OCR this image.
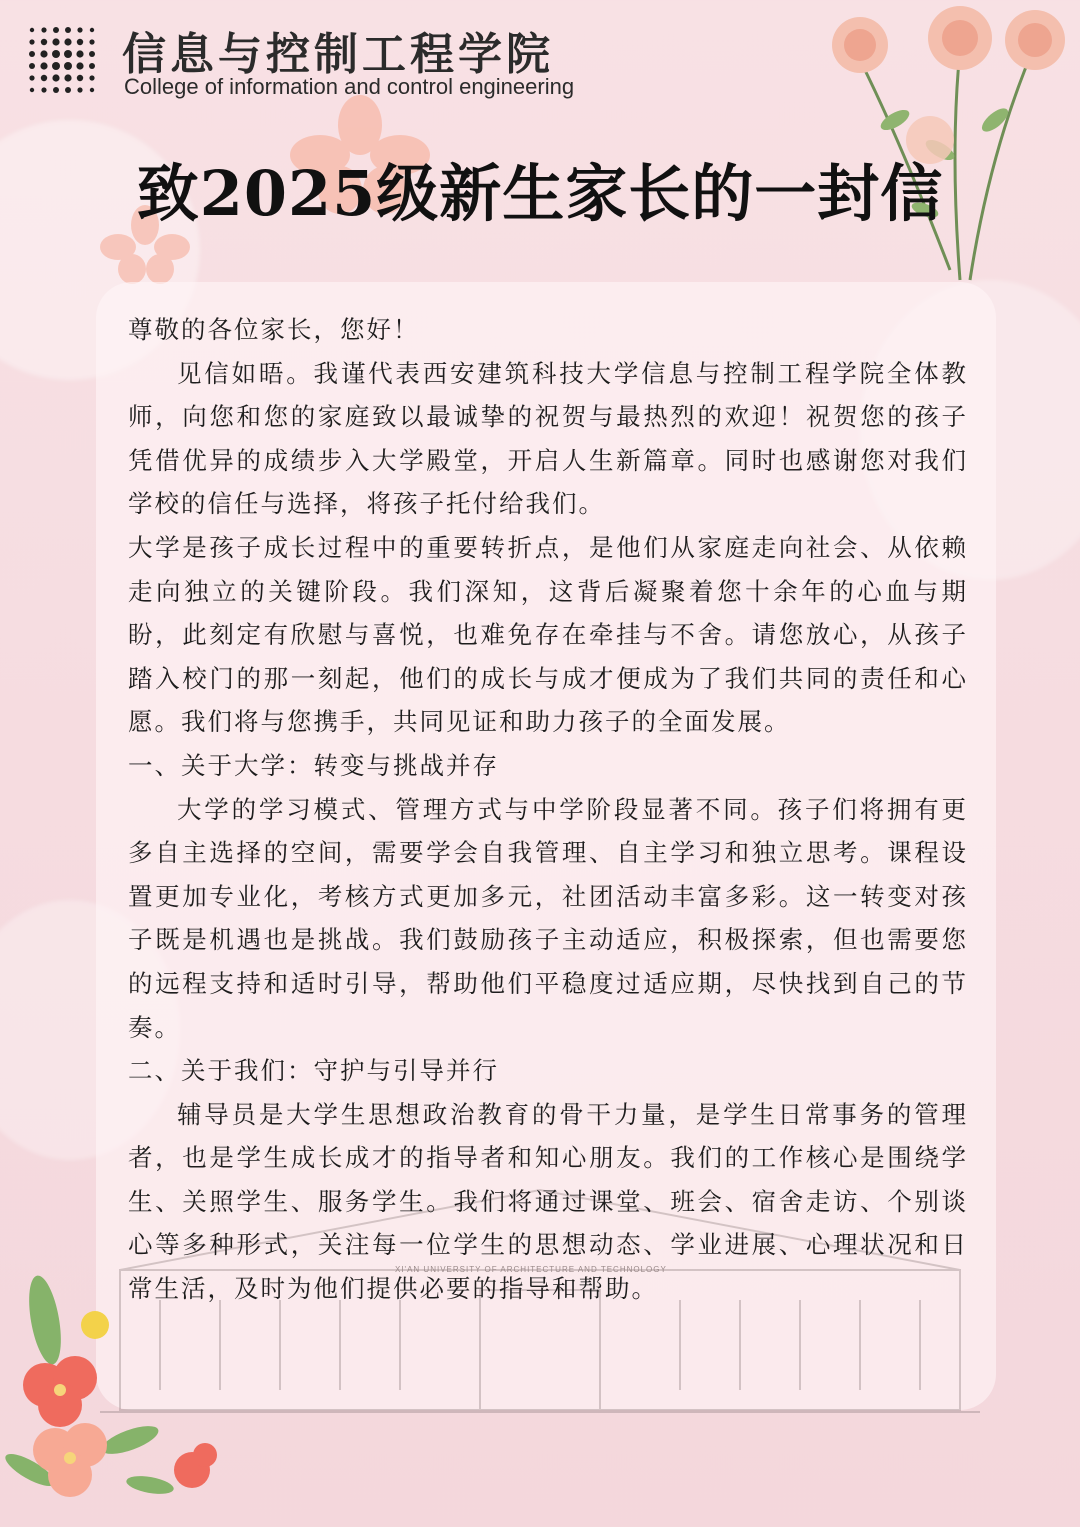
信息与控制工程学院

College of information and control engineering

致2025级新生家长的一封信
XI'AN UNIVERSITY OF ARCHITECTURE AND TECHNOLOGY

尊敬的各位家长，您好！

见信如晤。我谨代表西安建筑科技大学信息与控制工程学院全体教师，向您和您的家庭致以最诚挚的祝贺与最热烈的欢迎！祝贺您的孩子凭借优异的成绩步入大学殿堂，开启人生新篇章。同时也感谢您对我们学校的信任与选择，将孩子托付给我们。

大学是孩子成长过程中的重要转折点，是他们从家庭走向社会、从依赖走向独立的关键阶段。我们深知，这背后凝聚着您十余年的心血与期盼，此刻定有欣慰与喜悦，也难免存在牵挂与不舍。请您放心，从孩子踏入校门的那一刻起，他们的成长与成才便成为了我们共同的责任和心愿。我们将与您携手，共同见证和助力孩子的全面发展。

一、关于大学：转变与挑战并存

大学的学习模式、管理方式与中学阶段显著不同。孩子们将拥有更多自主选择的空间，需要学会自我管理、自主学习和独立思考。课程设置更加专业化，考核方式更加多元，社团活动丰富多彩。这一转变对孩子既是机遇也是挑战。我们鼓励孩子主动适应，积极探索，但也需要您的远程支持和适时引导，帮助他们平稳度过适应期，尽快找到自己的节奏。

二、关于我们：守护与引导并行

辅导员是大学生思想政治教育的骨干力量，是学生日常事务的管理者，也是学生成长成才的指导者和知心朋友。我们的工作核心是围绕学生、关照学生、服务学生。我们将通过课堂、班会、宿舍走访、个别谈心等多种形式，关注每一位学生的思想动态、学业进展、心理状况和日常生活，及时为他们提供必要的指导和帮助。
